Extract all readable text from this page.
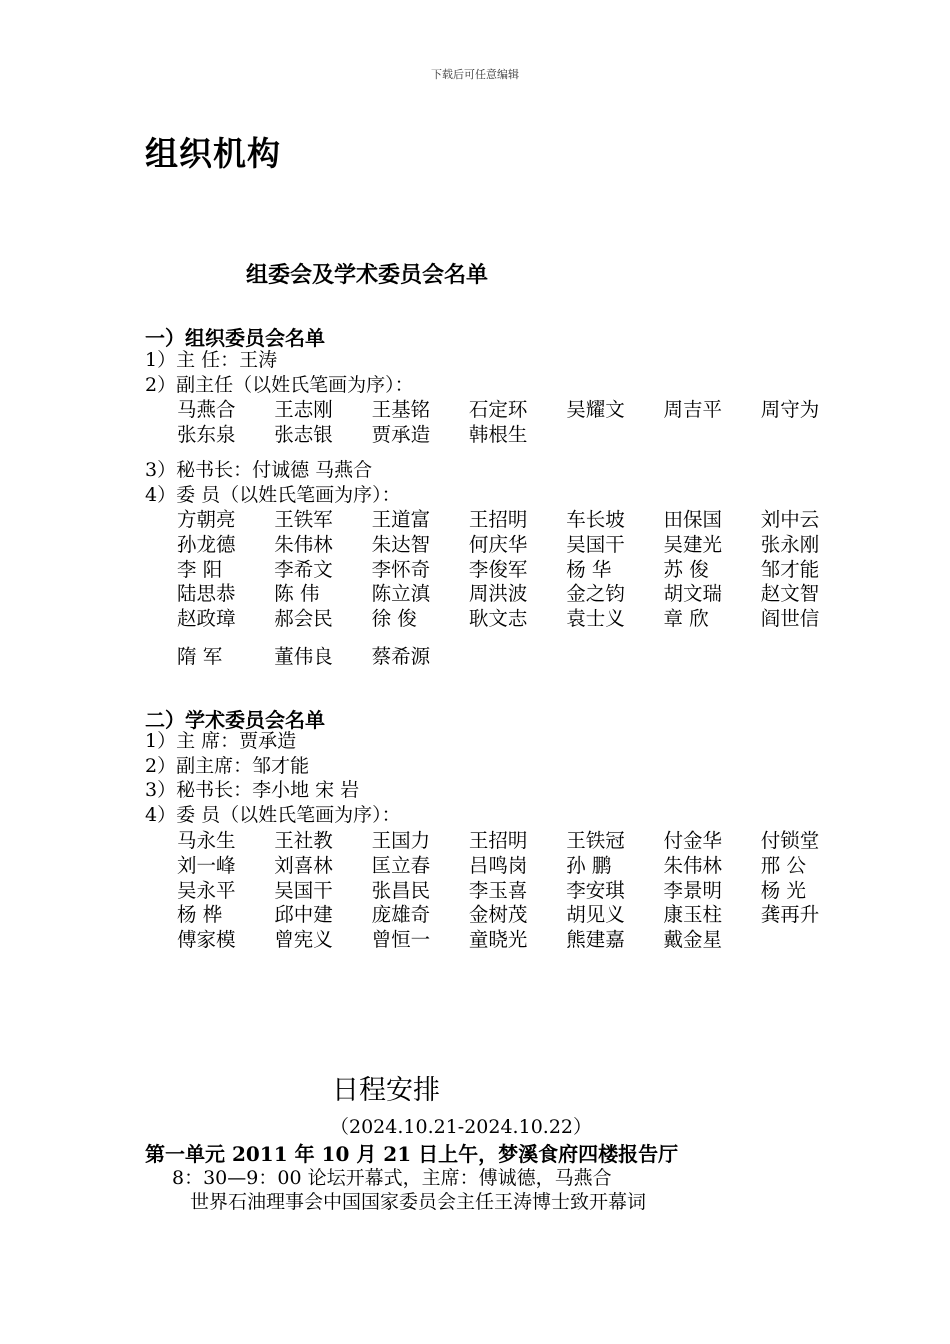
下载后可任意编辑
组织机构
组委会及学术委员会名单
一）组织委员会名单
1）主 任：王涛
2）副主任（以姓氏笔画为序）：
马燕合 王志刚 王基铭 石定环 吴耀文 周吉平 周守为
张东泉 张志银 贾承造 韩根生
3）秘书长：付诚德 马燕合
4）委 员（以姓氏笔画为序）：
方朝亮 王铁军 王道富 王招明 车长坡 田保国 刘中云
孙龙德 朱伟林 朱达智 何庆华 吴国干 吴建光 张永刚
李 阳	李希文 李怀奇 李俊军 杨 华	苏 俊	邹才能
陆思恭 陈 伟	陈立滇 周洪波 金之钧 胡文瑞 赵文智
赵政璋 郝会民 徐 俊	耿文志 袁士义 章 欣	阎世信
隋 军	董伟良 蔡希源
二）学术委员会名单
1）主 席：贾承造
2）副主席：邹才能
3）秘书长：李小地 宋 岩
4）委 员（以姓氏笔画为序）：
马永生 王社教 王国力 王招明 王铁冠 付金华 付锁堂
刘一峰 刘喜林 匡立春 吕鸣岗 孙 鹏	朱伟林 邢 公
吴永平 吴国干 张昌民 李玉喜 李安琪 李景明 杨 光
杨 桦	邱中建 庞雄奇 金树茂 胡见义 康玉柱 龚再升
傅家模 曾宪义 曾恒一 童晓光 熊建嘉 戴金星
日程安排
（2024.10.21-2024.10.22）
第一单元 2011 年 10 月 21 日上午，梦溪食府四楼报告厅
8：30—9：00 论坛开幕式，主席：傅诚德，马燕合
世界石油理事会中国国家委员会主任王涛博士致开幕词
